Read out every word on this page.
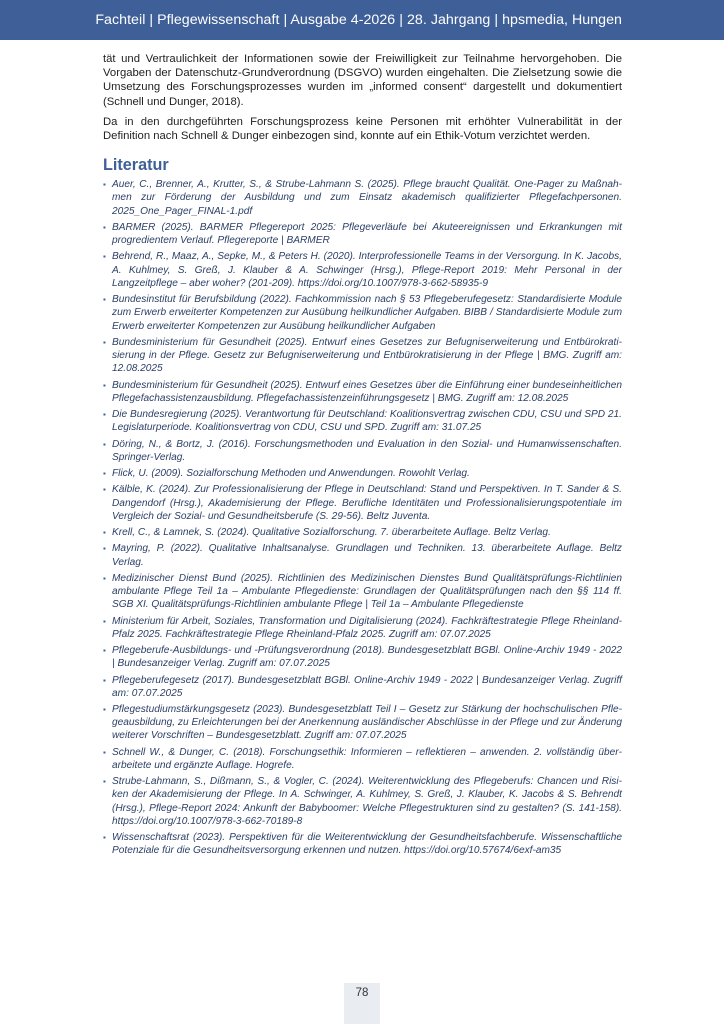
Fachteil | Pflegewissenschaft | Ausgabe 4-2026 | 28. Jahrgang | hpsmedia, Hungen

tät und Vertraulichkeit der Informationen sowie der Freiwilligkeit zur Teilnahme hervorgehoben. Die Vorgaben der Datenschutz-Grundverordnung (DSGVO) wurden eingehalten. Die Zielsetzung sowie die Umsetzung des Forschungsprozesses wurden im „informed consent“ dargestellt und dokumentiert (Schnell und Dunger, 2018).

Da in den durchgeführten Forschungsprozess keine Personen mit erhöhter Vulnerabilität in der Definition nach Schnell & Dunger einbezogen sind, konnte auf ein Ethik-Votum verzichtet werden.

Literatur
▪ Auer, C., Brenner, A., Krutter, S., & Strube-Lahmann S. (2025). Pflege braucht Qualität. One-Pager zu Maßnahmen zur Förderung der Ausbildung und zum Einsatz akademisch qualifizierter Pflegefachpersonen. 2025_One_Pager_FINAL-1.pdf
▪ BARMER (2025). BARMER Pflegereport 2025: Pflegeverläufe bei Akuteereignissen und Erkrankungen mit progredientem Verlauf. Pflegereporte | BARMER
▪ Behrend, R., Maaz, A., Sepke, M., & Peters H. (2020). Interprofessionelle Teams in der Versorgung. In K. Jacobs, A. Kuhlmey, S. Greß, J. Klauber & A. Schwinger (Hrsg.), Pflege-Report 2019: Mehr Personal in der Langzeitpflege – aber woher? (201-209). https://doi.org/10.1007/978-3-662-58935-9
▪ Bundesinstitut für Berufsbildung (2022). Fachkommission nach § 53 Pflegeberufegesetz: Standardisierte Module zum Erwerb erweiterter Kompetenzen zur Ausübung heilkundlicher Aufgaben. BIBB / Standardisierte Module zum Erwerb erweiterter Kompetenzen zur Ausübung heilkundlicher Aufgaben
▪ Bundesministerium für Gesundheit (2025). Entwurf eines Gesetzes zur Befugniserweiterung und Entbürokratisierung in der Pflege. Gesetz zur Befugniserweiterung und Entbürokratisierung in der Pflege | BMG. Zugriff am: 12.08.2025
▪ Bundesministerium für Gesundheit (2025). Entwurf eines Gesetzes über die Einführung einer bundeseinheitlichen Pflegefachassistenzausbildung. Pflegefachassistenzeinführungsgesetz | BMG. Zugriff am: 12.08.2025
▪ Die Bundesregierung (2025). Verantwortung für Deutschland: Koalitionsvertrag zwischen CDU, CSU und SPD 21. Legislaturperiode. Koalitionsvertrag von CDU, CSU und SPD. Zugriff am: 31.07.25
▪ Döring, N., & Bortz, J. (2016). Forschungsmethoden und Evaluation in den Sozial- und Humanwissenschaften. Springer-Verlag.
▪ Flick, U. (2009). Sozialforschung Methoden und Anwendungen. Rowohlt Verlag.
▪ Kälble, K. (2024). Zur Professionalisierung der Pflege in Deutschland: Stand und Perspektiven. In T. Sander & S. Dangendorf (Hrsg.), Akademisierung der Pflege. Berufliche Identitäten und Professionalisierungspotentiale im Vergleich der Sozial- und Gesundheitsberufe (S. 29-56). Beltz Juventa.
▪ Krell, C., & Lamnek, S. (2024). Qualitative Sozialforschung. 7. überarbeitete Auflage. Beltz Verlag.
▪ Mayring, P. (2022). Qualitative Inhaltsanalyse. Grundlagen und Techniken. 13. überarbeitete Auflage. Beltz Verlag.
▪ Medizinischer Dienst Bund (2025). Richtlinien des Medizinischen Dienstes Bund Qualitätsprüfungs-Richtlinien ambulante Pflege Teil 1a – Ambulante Pflegedienste: Grundlagen der Qualitätsprüfungen nach den §§ 114 ff. SGB XI. Qualitätsprüfungs-Richtlinien ambulante Pflege | Teil 1a – Ambulante Pflegedienste
▪ Ministerium für Arbeit, Soziales, Transformation und Digitalisierung (2024). Fachkräftestrategie Pflege Rheinland-Pfalz 2025. Fachkräftestrategie Pflege Rheinland-Pfalz 2025. Zugriff am: 07.07.2025
▪ Pflegeberufe-Ausbildungs- und -Prüfungsverordnung (2018). Bundesgesetzblatt BGBl. Online-Archiv 1949 - 2022 | Bundesanzeiger Verlag. Zugriff am: 07.07.2025
▪ Pflegeberufegesetz (2017). Bundesgesetzblatt BGBl. Online-Archiv 1949 - 2022 | Bundesanzeiger Verlag. Zugriff am: 07.07.2025
▪ Pflegestudiumstärkungsgesetz (2023). Bundesgesetzblatt Teil I – Gesetz zur Stärkung der hochschulischen Pflegeausbildung, zu Erleichterungen bei der Anerkennung ausländischer Abschlüsse in der Pflege und zur Änderung weiterer Vorschriften – Bundesgesetzblatt. Zugriff am: 07.07.2025
▪ Schnell W., & Dunger, C. (2018). Forschungsethik: Informieren – reflektieren – anwenden. 2. vollständig überarbeitete und ergänzte Auflage. Hogrefe.
▪ Strube-Lahmann, S., Dißmann, S., & Vogler, C. (2024). Weiterentwicklung des Pflegeberufs: Chancen und Risiken der Akademisierung der Pflege. In A. Schwinger, A. Kuhlmey, S. Greß, J. Klauber, K. Jacobs & S. Behrendt (Hrsg.), Pflege-Report 2024: Ankunft der Babyboomer: Welche Pflegestrukturen sind zu gestalten? (S. 141-158). https://doi.org/10.1007/978-3-662-70189-8
▪ Wissenschaftsrat (2023). Perspektiven für die Weiterentwicklung der Gesundheitsfachberufe. Wissenschaftliche Potenziale für die Gesundheitsversorgung erkennen und nutzen. https://doi.org/10.57674/6exf-am35
78
